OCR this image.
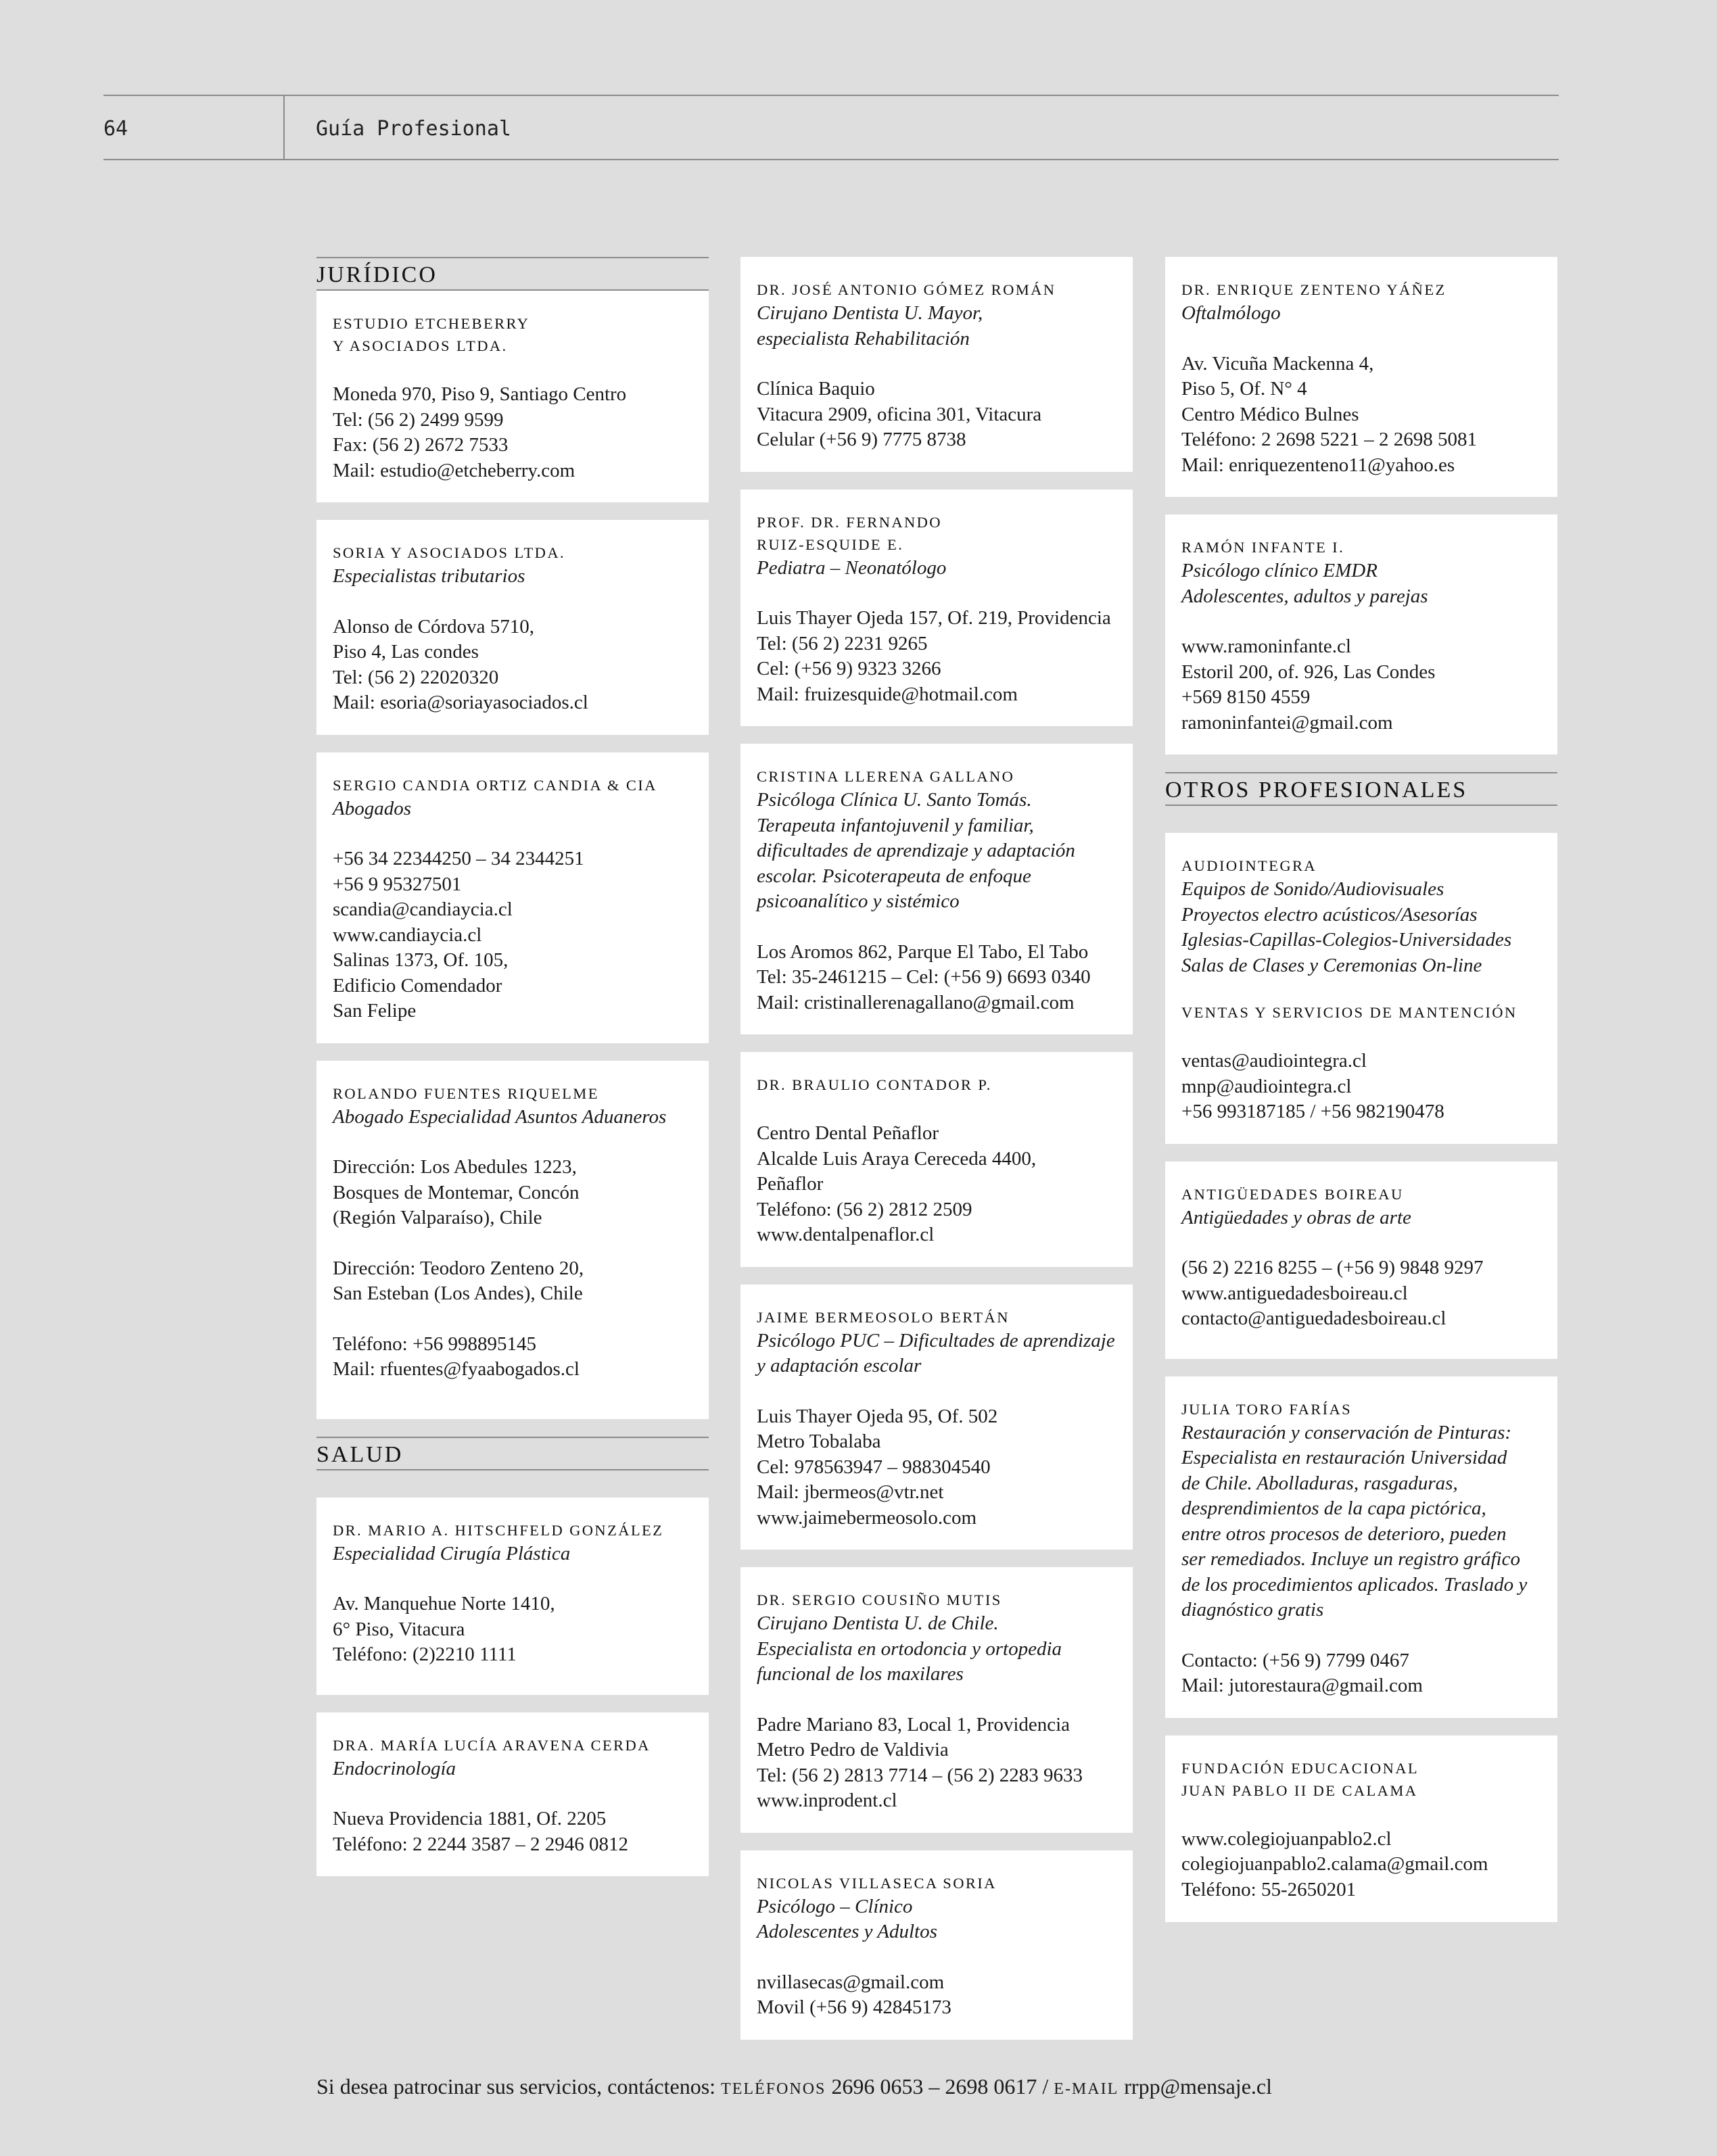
64	Guía Profesional
JURÍDICO
ESTUDIO ETCHEBERRY
Y ASOCIADOS LTDA.
Moneda 970, Piso 9, Santiago Centro
Tel: (56 2) 2499 9599
Fax: (56 2) 2672 7533
Mail: estudio@etcheberry.com
SORIA Y ASOCIADOS LTDA.
Especialistas tributarios
Alonso de Córdova 5710,
Piso 4, Las condes
Tel: (56 2) 22020320
Mail: esoria@soriayasociados.cl
SERGIO CANDIA ORTIZ CANDIA & CIA
Abogados
+56 34 22344250 – 34 2344251
+56 9 95327501
scandia@candiaycia.cl
www.candiaycia.cl
Salinas 1373, Of. 105,
Edificio Comendador
San Felipe
ROLANDO FUENTES RIQUELME
Abogado Especialidad Asuntos Aduaneros
Dirección: Los Abedules 1223,
Bosques de Montemar, Concón
(Región Valparaíso), Chile
Dirección: Teodoro Zenteno 20,
San Esteban (Los Andes), Chile
Teléfono: +56 998895145
Mail: rfuentes@fyaabogados.cl
SALUD
DR. MARIO A. HITSCHFELD GONZÁLEZ
Especialidad Cirugía Plástica
Av. Manquehue Norte 1410,
6° Piso, Vitacura
Teléfono: (2)2210 1111
DRA. MARÍA LUCÍA ARAVENA CERDA
Endocrinología
Nueva Providencia 1881, Of. 2205
Teléfono: 2 2244 3587 – 2 2946 0812
DR. JOSÉ ANTONIO GÓMEZ ROMÁN
Cirujano Dentista U. Mayor,
especialista Rehabilitación
Clínica Baquio
Vitacura 2909, oficina 301, Vitacura
Celular (+56 9) 7775 8738
PROF. DR. FERNANDO
RUIZ-ESQUIDE E.
Pediatra – Neonatólogo
Luis Thayer Ojeda 157, Of. 219, Providencia
Tel: (56 2) 2231 9265
Cel: (+56 9) 9323 3266
Mail: fruizesquide@hotmail.com
CRISTINA LLERENA GALLANO
Psicóloga Clínica U. Santo Tomás.
Terapeuta infantojuvenil y familiar,
dificultades de aprendizaje y adaptación
escolar. Psicoterapeuta de enfoque
psicoanalítico y sistémico
Los Aromos 862, Parque El Tabo, El Tabo
Tel: 35-2461215 – Cel: (+56 9) 6693 0340
Mail: cristinallerenagallano@gmail.com
DR. BRAULIO CONTADOR P.
Centro Dental Peñaflor
Alcalde Luis Araya Cereceda 4400,
Peñaflor
Teléfono: (56 2) 2812 2509
www.dentalpenaflor.cl
JAIME BERMEOSOLO BERTÁN
Psicólogo PUC – Dificultades de aprendizaje
y adaptación escolar
Luis Thayer Ojeda 95, Of. 502
Metro Tobalaba
Cel: 978563947 – 988304540
Mail: jbermeos@vtr.net
www.jaimebermeosolo.com
DR. SERGIO COUSIÑO MUTIS
Cirujano Dentista U. de Chile.
Especialista en ortodoncia y ortopedia
funcional de los maxilares
Padre Mariano 83, Local 1, Providencia
Metro Pedro de Valdivia
Tel: (56 2) 2813 7714 – (56 2) 2283 9633
www.inprodent.cl
NICOLAS VILLASECA SORIA
Psicólogo – Clínico
Adolescentes y Adultos
nvillasecas@gmail.com
Movil (+56 9) 42845173
DR. ENRIQUE ZENTENO YÁÑEZ
Oftalmólogo
Av. Vicuña Mackenna 4,
Piso 5, Of. N° 4
Centro Médico Bulnes
Teléfono: 2 2698 5221 – 2 2698 5081
Mail: enriquezenteno11@yahoo.es
RAMÓN INFANTE I.
Psicólogo clínico EMDR
Adolescentes, adultos y parejas
www.ramoninfante.cl
Estoril 200, of. 926, Las Condes
+569 8150 4559
ramoninfantei@gmail.com
OTROS PROFESIONALES
AUDIOINTEGRA
Equipos de Sonido/Audiovisuales
Proyectos electro acústicos/Asesorías
Iglesias-Capillas-Colegios-Universidades
Salas de Clases y Ceremonias On-line
VENTAS Y SERVICIOS DE MANTENCIÓN
ventas@audiointegra.cl
mnp@audiointegra.cl
+56 993187185 / +56 982190478
ANTIGÜEDADES BOIREAU
Antigüedades y obras de arte
(56 2) 2216 8255 – (+56 9) 9848 9297
www.antiguedadesboireau.cl
contacto@antiguedadesboireau.cl
JULIA TORO FARÍAS
Restauración y conservación de Pinturas:
Especialista en restauración Universidad
de Chile. Abolladuras, rasgaduras,
desprendimientos de la capa pictórica,
entre otros procesos de deterioro, pueden
ser remediados. Incluye un registro gráfico
de los procedimientos aplicados. Traslado y
diagnóstico gratis
Contacto: (+56 9) 7799 0467
Mail: jutorestaura@gmail.com
FUNDACIÓN EDUCACIONAL
JUAN PABLO II DE CALAMA
www.colegiojuanpablo2.cl
colegiojuanpablo2.calama@gmail.com
Teléfono: 55-2650201
Si desea patrocinar sus servicios, contáctenos: TELÉFONOS 2696 0653 – 2698 0617 / E-MAIL rrpp@mensaje.cl
